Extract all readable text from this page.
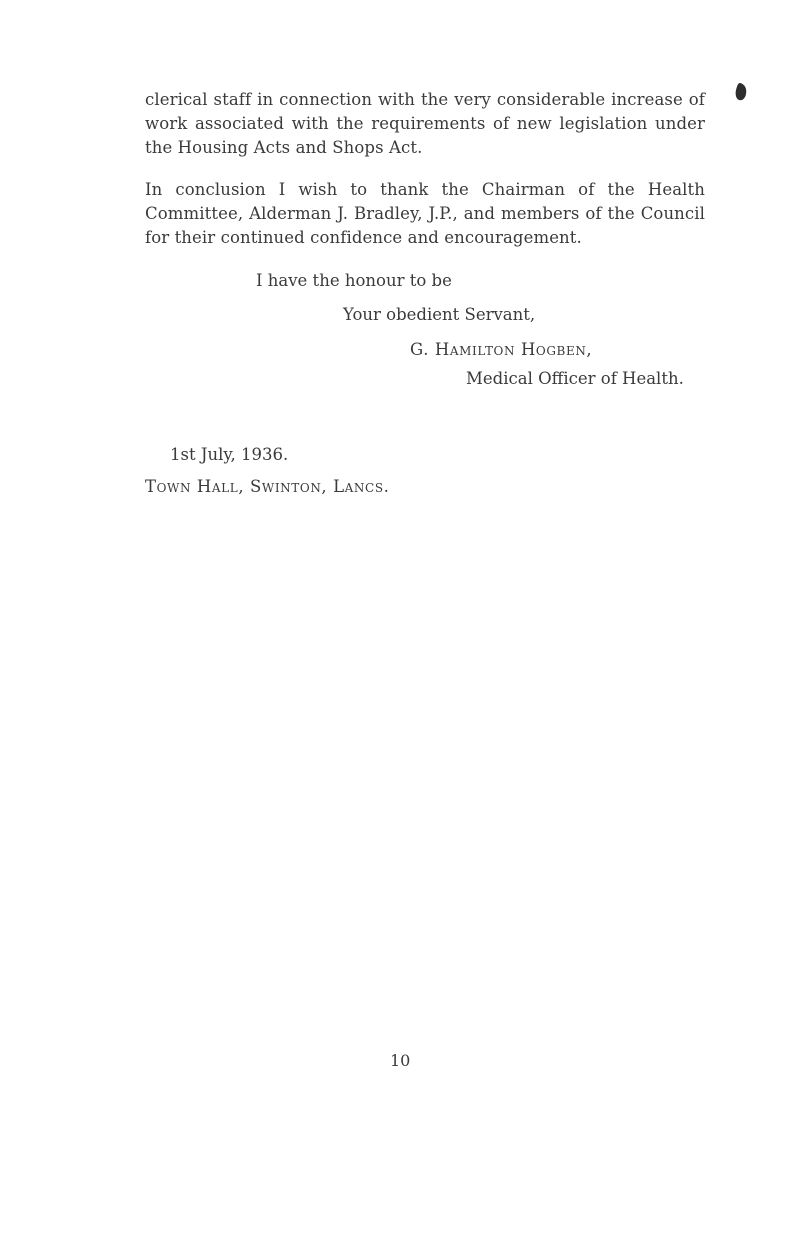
clerical staff in connection with the very considerable increase of work associated with the requirements of new legislation under the Housing Acts and Shops Act.

In conclusion I wish to thank the Chairman of the Health Committee, Alderman J. Bradley, J.P., and members of the Council for their continued confidence and encouragement.

I have the honour to be
Your obedient Servant,
G. Hamilton Hogben,
Medical Officer of Health.
1st July, 1936.
Town Hall, Swinton, Lancs.
10
